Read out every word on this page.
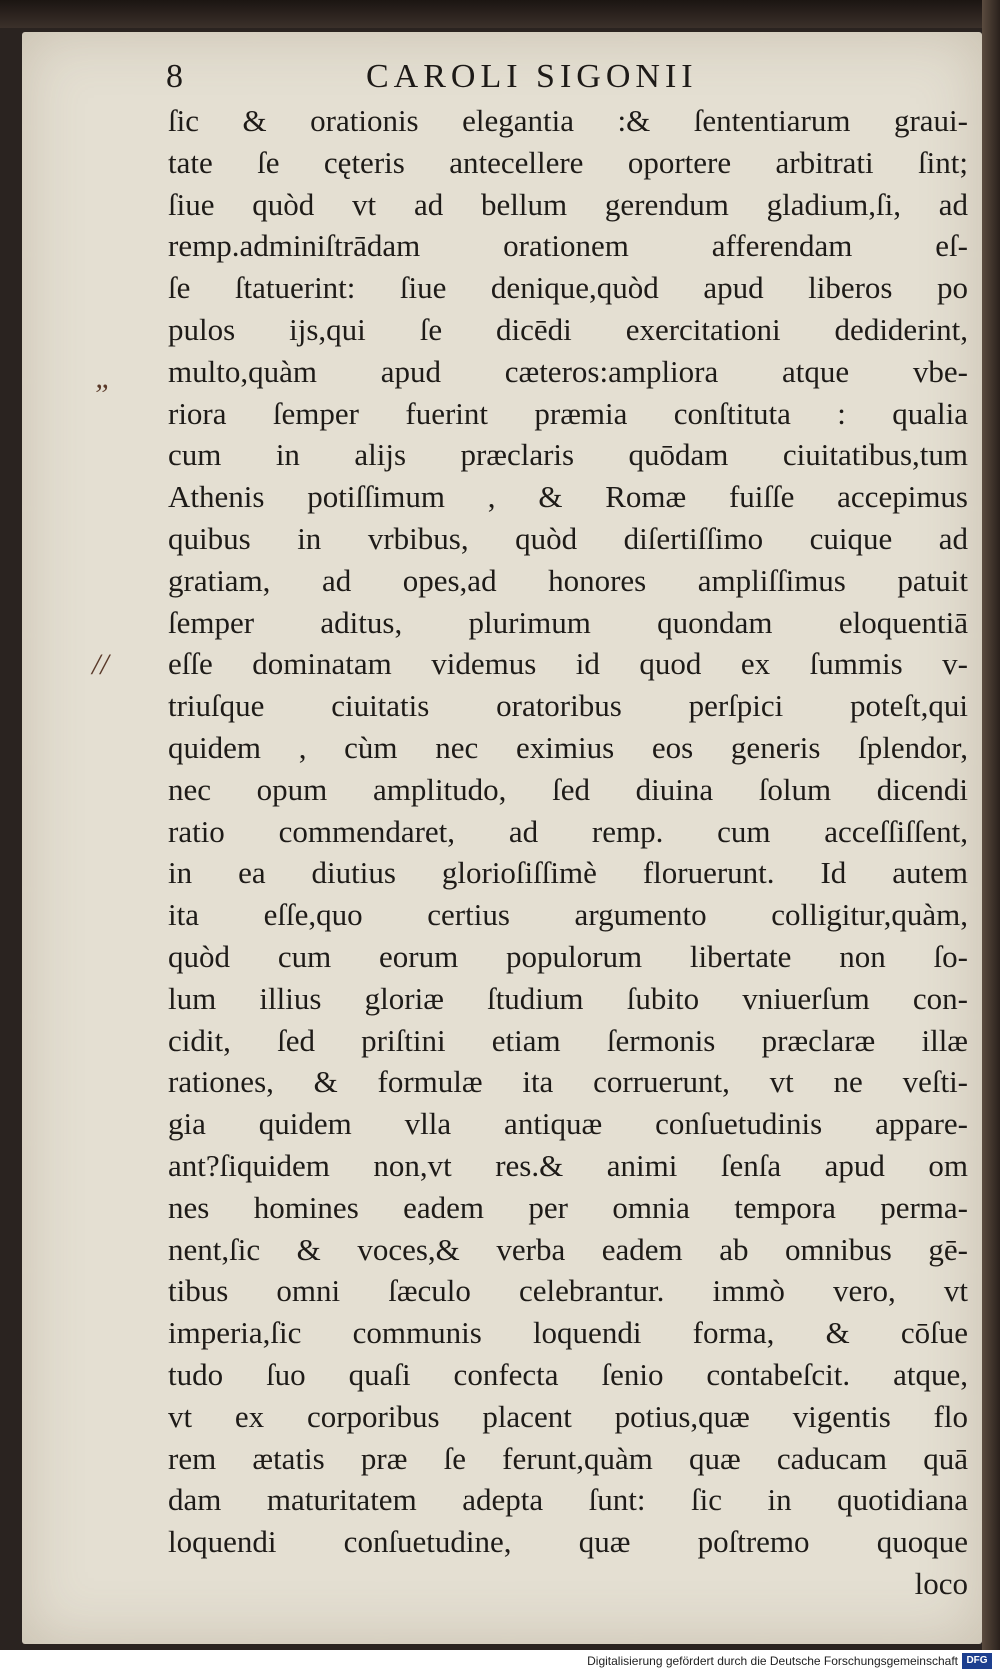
8	CAROLI SIGONII
”
//
ſic & orationis elegantia :& ſententiarum graui-
tate ſe cęteris antecellere oportere arbitrati ſint;
ſiue quòd vt ad bellum gerendum gladium,ſi, ad
remp.adminiſtrādam orationem afferendam eſ-
ſe ſtatuerint: ſiue denique,quòd apud liberos po
pulos ijs,qui ſe dicēdi exercitationi dediderint,
multo,quàm apud cæteros:ampliora atque vbe-
riora ſemper fuerint præmia conſtituta : qualia
cum in alijs præclaris quōdam ciuitatibus,tum
Athenis potiſſimum , & Romæ fuiſſe accepimus
quibus in vrbibus, quòd diſertiſſimo cuique ad
gratiam, ad opes,ad honores ampliſſimus patuit
ſemper aditus, plurimum quondam eloquentiā
eſſe dominatam videmus id quod ex ſummis v-
triuſque ciuitatis oratoribus perſpici poteſt,qui
quidem , cùm nec eximius eos generis ſplendor,
nec opum amplitudo, ſed diuina ſolum dicendi
ratio commendaret, ad remp. cum acceſſiſſent,
in ea diutius glorioſiſſimè floruerunt. Id autem
ita eſſe,quo certius argumento colligitur,quàm,
quòd cum eorum populorum libertate non ſo-
lum illius gloriæ ſtudium ſubito vniuerſum con-
cidit, ſed priſtini etiam ſermonis præclaræ illæ
rationes, & formulæ ita corruerunt, vt ne veſti-
gia quidem vlla antiquæ conſuetudinis appare-
ant?ſiquidem non,vt res.& animi ſenſa apud om
nes homines eadem per omnia tempora perma-
nent,ſic & voces,& verba eadem ab omnibus gē-
tibus omni ſæculo celebrantur. immò vero, vt
imperia,ſic communis loquendi forma, & cōſue
tudo ſuo quaſi confecta ſenio contabeſcit. atque,
vt ex corporibus placent potius,quæ vigentis flo
rem ætatis præ ſe ferunt,quàm quæ caducam quā
dam maturitatem adepta ſunt: ſic in quotidiana
loquendi conſuetudine, quæ poſtremo quoque
loco
Digitalisierung gefördert durch die Deutsche Forschungsgemeinschaft DFG
